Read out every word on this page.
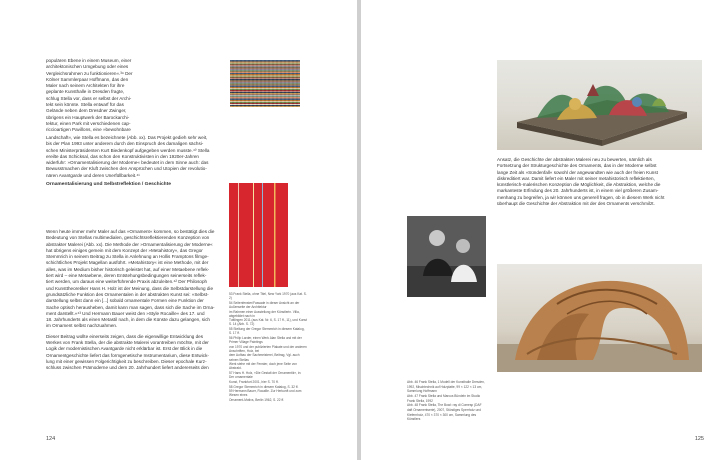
populären Ebene in einem Museum, einer

architektonischen Umgebung oder eines

Vergleichsrahmen zu funktionieren«.³⁹ Der

Kölner Sammlerpaar Hoffmann, das den

Maler nach seinem Architekten für ihre

geplante Kunsthalle in Dresden fragte,

schlug Stella vor, dass er selbst der Archi-

tekt sein könnte. Stella entwarf für das

Gelände neben dem Dresdner Zwinger,

übrigens ein Hauptwerk der Barockarchi-

tektur, einen Park mit verschiedenen cap-

riccioartigen Pavillons, eine »bewohnbare

Landschaft«, wie Stella es bezeichnete (Abb. xx). Das Projekt gedieh sehr weit,

bis der Plan 1993 unter anderem durch den Einspruch des damaligen sächsi-

schen Ministerpräsidenten Kurt Biedenkopf aufgegeben werden musste.⁴⁰ Stella

ereilte das Schicksal, das schon den Konstruktivisten in den 1920er-Jahren

widerfuhr: »Ornamentalisierung der Moderne« bedeutet in dem Sinne auch: das

Bewusstmachen der Kluft zwischen den Ansprüchen und Utopien der revolutio-

nären Avantgarde und deren Unerfüllbarkeit.⁴¹

Ornamentalisierung und Selbstreflektion / Geschichte

Wenn heute immer mehr Maler auf das »Ornament« kommen, so bestätigt dies die

Bedeutung von Stellas multimedialen, geschichtsreflektierenden Konzeption von

abstrakter Malerei (Abb. xx). Die Methode der »Ornamentalisierung der Moderne«

hat übrigens einiges gemein mit dem Konzept der »Metahistory«, das Gregor

Stemmrich in seinem Beitrag zu Stella in Anlehnung an Hollis Framptons filmge-

schichtliches Projekt Magellan ausführt. »Metahistory« ist eine Methode, mit der

alles, was im Medium bisher historisch geleistet hat, auf einer Metaebene reflek-

tiert wird – eine Metaebene, deren Entstehungsbedingungen seinerseits reflek-

tiert werden, um daraus eine weiterführende Praxis abzuleiten.⁴² Der Philosoph

und Kunsttheoretiker Hans H. Holz ist der Meinung, dass die Selbstdarstellung die

grundsätzliche Funktion des Ornamentalen in der abstrakten Kunst sei: »Selbst-

darstellung selbst dann ein [...] sobald ornamentale Formen eine Funktion der

Sache optisch herausheben, damit kann man sagen, dass sich die Sache im Orna-

ment darstellt.«⁴³ Und Hermann Bauer weist den »Style Rocaille« des 17. und

18. Jahrhunderts als einen Metastil nach, in dem die Künste dazu gelangen, sich

im Ornament selbst nachzuahmen.

Dieser Beitrag wollte einerseits zeigen, dass die eigenwillige Entwicklung des

Werkes von Frank Stella, der die abstrakte Malerei vorantreiben möchte, mit der

Logik der modernistischen Avantgarde nicht erklärbar ist. Erst der Blick in die

Ornamentgeschichte liefert das formgenetische Instrumentarium, diese Entwick-

lung mit einer gewissen Folgerichtigkeit zu beschreiben. Dieser epochale Kurz-

schluss zwischen Prämoderne und dem 20. Jahrhundert liefert andererseits den

53 Frank Stella, ohne Titel, New York 1970 (aus Kat. S. 2)

54 Seitenfenster/Fassade in dieser Ansicht an der Außenseite der Architektur

im Rahmen einer Ausstellung der Künstlerin. Villa, abgebildet nach in

Tuttlingen 2011 (aus Kat. Nr. 6, S. 17 ff., 11), und Kunst S. 14 (Abb. S. 72)

55 Stellung der Gregor Stemmrich in diesem Katalog, S. 17 ff.

56 Philip Larder, einen Werk Alan Stella und mit der Primer Village Paintings

von 1970 und der publizierten Plakate und der anderen Anschriften, Holz, bei

dem Aufbau der Sachmeisterei, Beitrag, Vgl. auch seinen Stellas

Werk stehe mit der Fenster, doch jene Seite von Abstrakt.

57 Hans H. Holz, »Die Gestalt der Ornamentik«, in: Der ornamentale

Kunst, Frankfurt 2001, hier S. 70 ff.

58 Gregor Stemmrich in diesem Katalog, S. 32 ff.

59 Hermann Bauer, Rocaille. Zur Herkunft und zum Wesen eines

Ornament-Motivs, Berlin 1962, S. 22 ff.

124

Ansatz, die Geschichte der abstrakten Malerei neu zu bewerten, nämlich als

Fortsetzung der Strukturgeschichte des Ornaments, das in der Moderne selbst

lange Zeit als »Sündenfall« sowohl der angewandten wie auch der freien Kunst

diskreditiert war. Damit liefert ein Maler mit seiner metahistorisch reflektierten,

künstlerisch-malerischen Konzeption die Möglichkeit, die Abstraktion, welche die

markanteste Erfindung des 20. Jahrhunderts ist, in einem viel größeren Zusam-

menhang zu begreifen, ja wir können uns generell fragen, ob in diesem Werk nicht

überhaupt die Geschichte der Abstraktion mit der des Ornaments verschmilzt.

Abb. 46 Frank Stella, 1 Modell der Kunsthalle Dresden,

1992, Mischtechnik auf Holzplatte, 99 × 122 × 13 cm,

Sammlung Hoffmann

Abb. 47 Frank Stella und Marcus Bündeln im Studio

Frank Stella, 1992

Abb. 48 Frank Stella, The Bowl: ray di Comesp (DAF

daft Ornamentserie), 2007, Stündiges Sperrholz und

Kiefernholz, 470 × 370 × 300 cm, Sammlung des Künstlers

125
